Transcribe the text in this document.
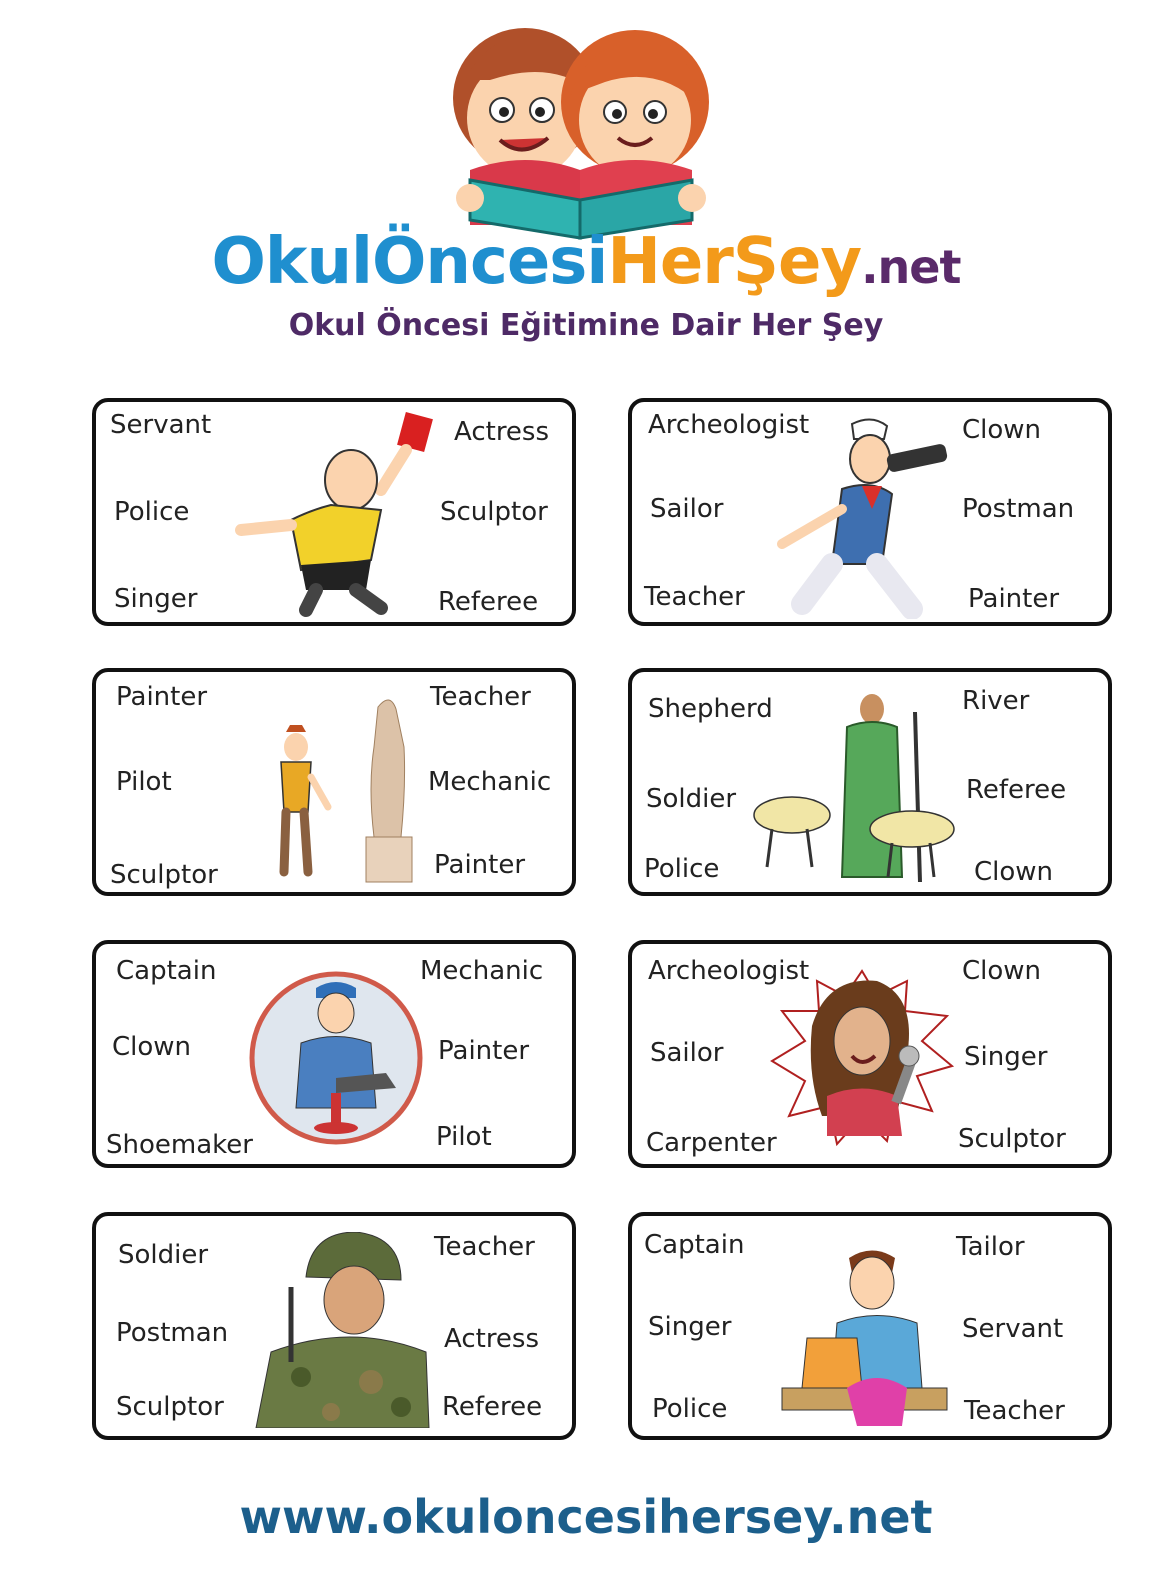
OkulÖncesiHerŞey.net
Okul Öncesi Eğitimine Dair Her Şey
Servant
Police
Singer
Actress
Sculptor
Referee
Archeologist
Sailor
Teacher
Clown
Postman
Painter
Painter
Pilot
Sculptor
Teacher
Mechanic
Painter
Shepherd
Soldier
Police
River
Referee
Clown
Captain
Clown
Shoemaker
Mechanic
Painter
Pilot
Archeologist
Sailor
Carpenter
Clown
Singer
Sculptor
Soldier
Postman
Sculptor
Teacher
Actress
Referee
Captain
Singer
Police
Tailor
Servant
Teacher
www.okuloncesihersey.net
